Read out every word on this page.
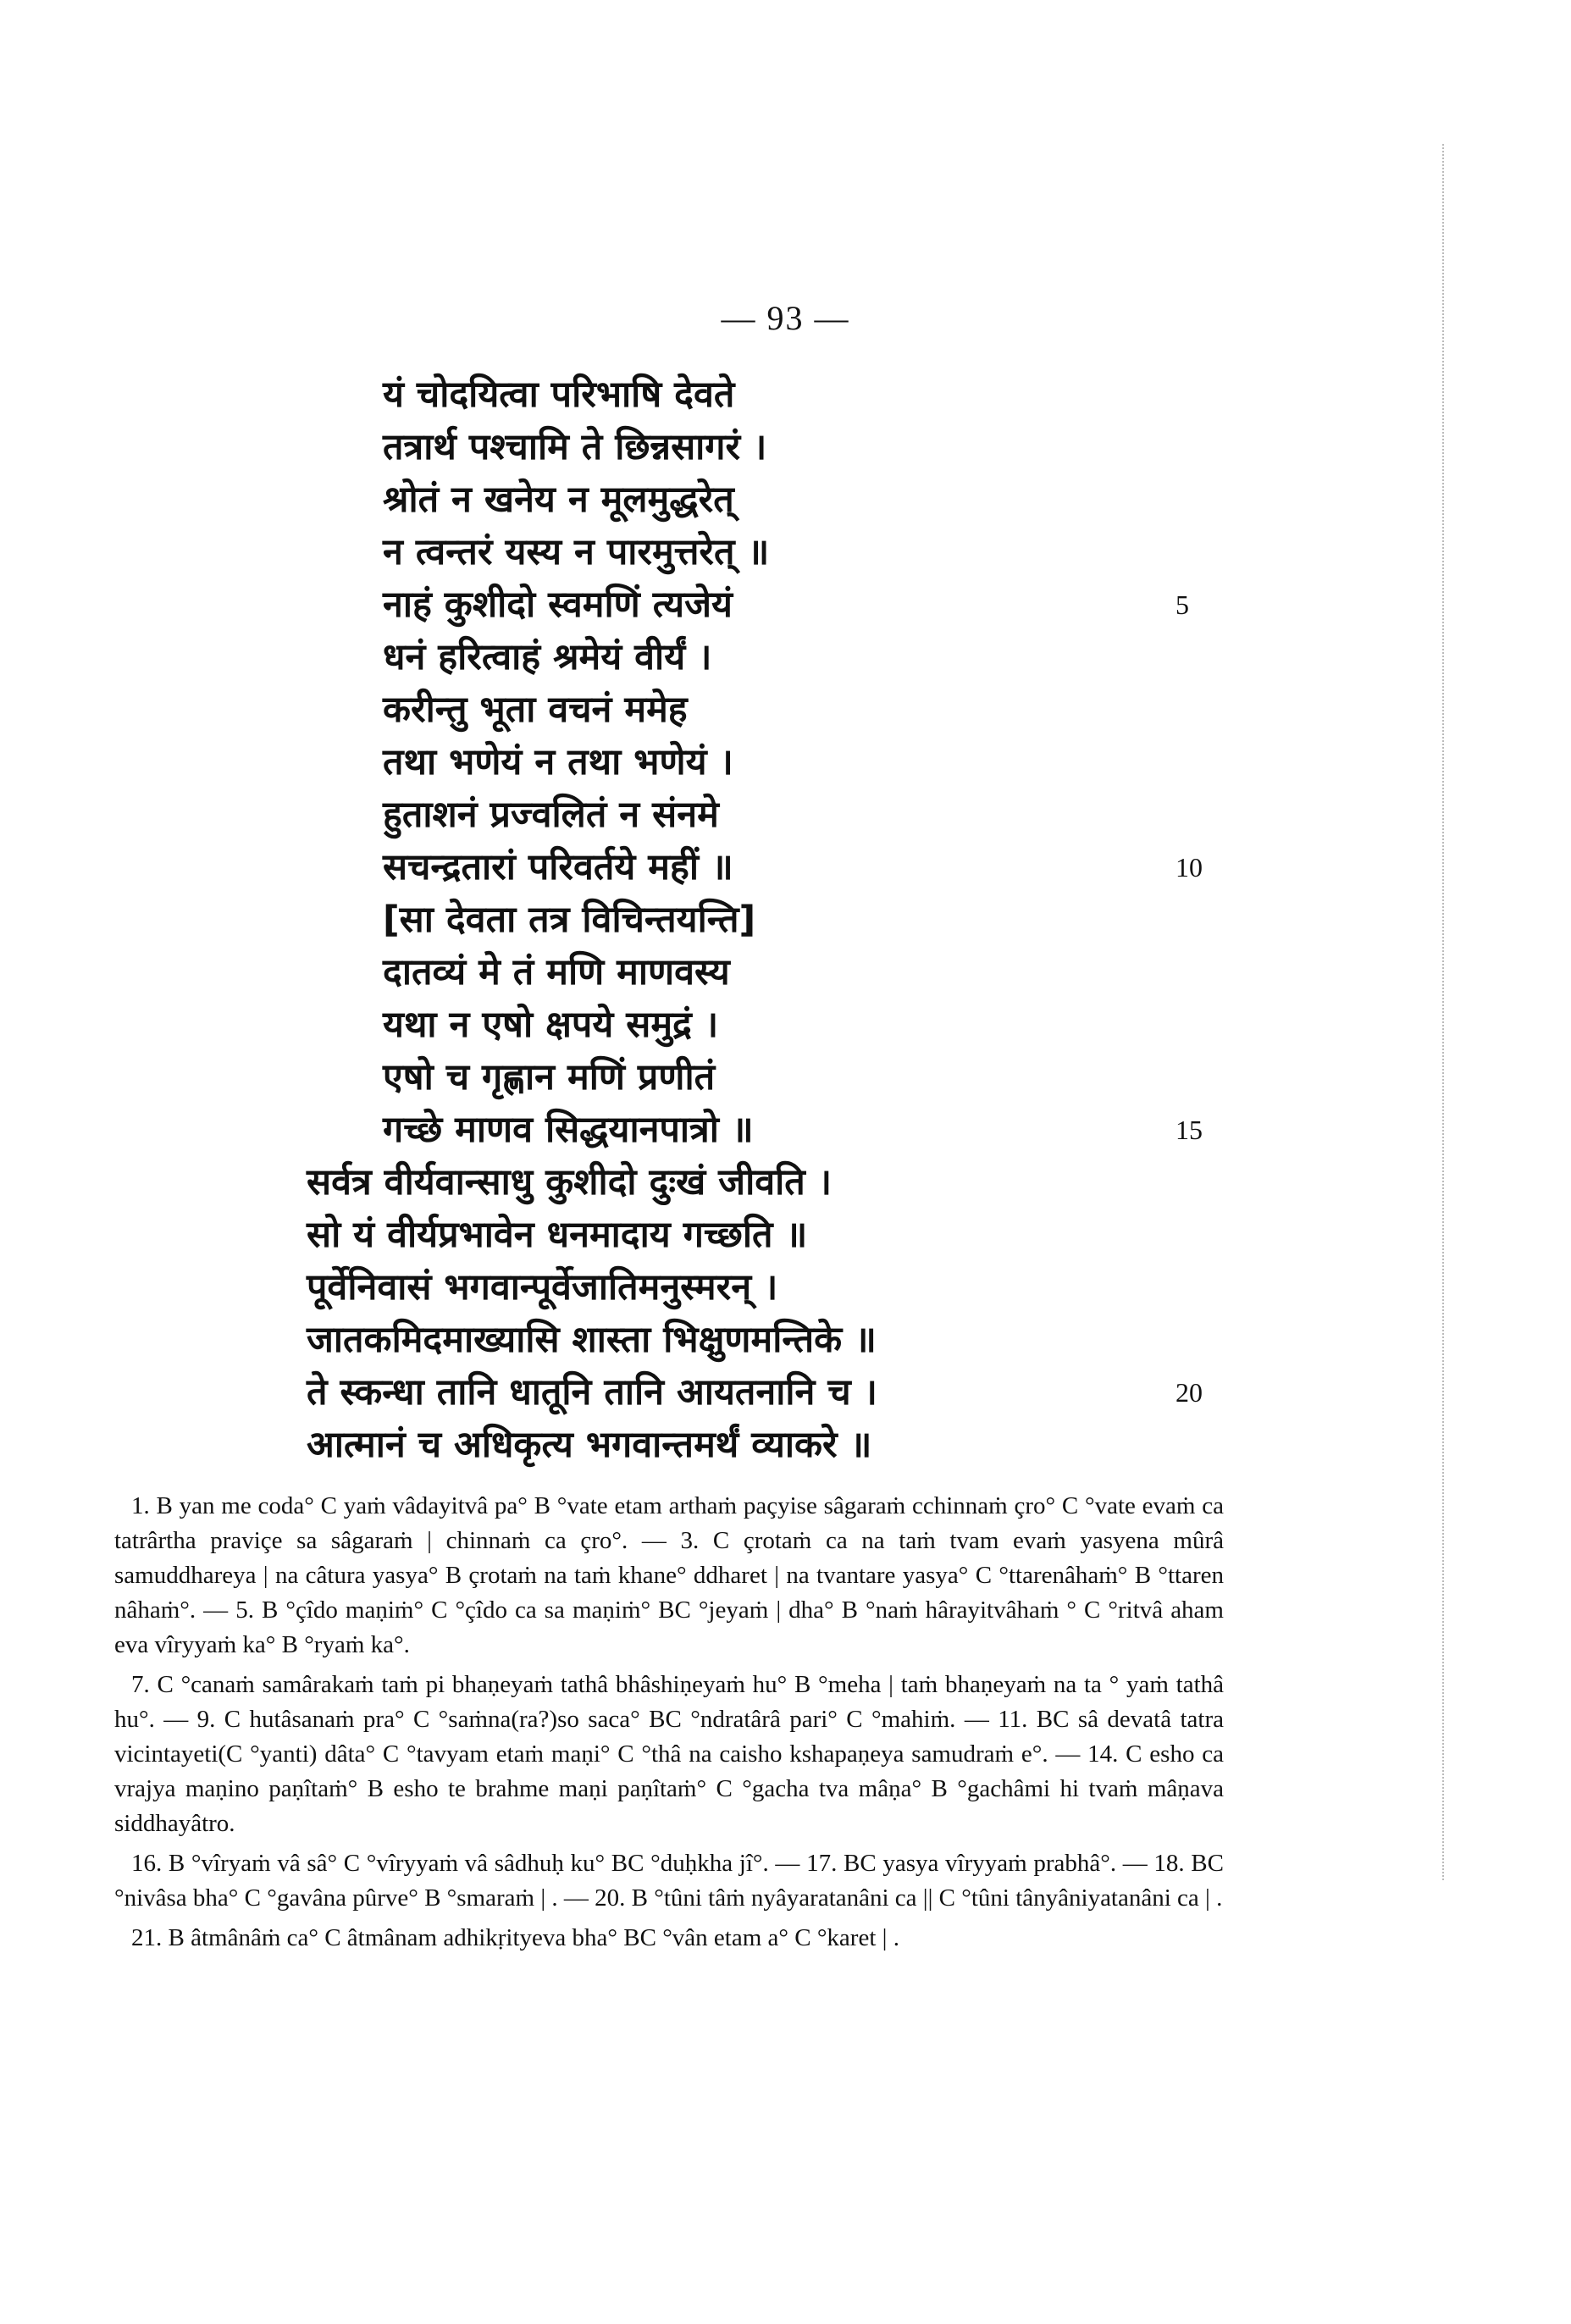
— 93 —
यं चोदयित्वा परिभाषि देवते
तत्रार्थ पश्चामि ते छिन्नसागरं ।
श्रोतं न खनेय न मूलमुद्धरेत्
न त्वन्तरं यस्य न पारमुत्तरेत् ॥
नाहं कुशीदो स्वमणिं त्यजेयं	5
धनं हरित्वाहं श्रमेयं वीर्यं ।
करीन्तु भूता वचनं ममेह
तथा भणेयं न तथा भणेयं ।
हुताशनं प्रज्वलितं न संनमे
सचन्द्रतारां परिवर्तये महीं ॥	10
[सा देवता तत्र विचिन्तयन्ति]
दातव्यं मे तं मणि माणवस्य
यथा न एषो क्षपये समुद्रं ।
एषो च गृह्णान मणिं प्रणीतं
गच्छे माणव सिद्धयानपात्रो ॥	15
सर्वत्र वीर्यवान्साधु कुशीदो दुःखं जीवति ।
सो यं वीर्यप्रभावेन धनमादाय गच्छति ॥
पूर्वेनिवासं भगवान्पूर्वेजातिमनुस्मरन् ।
जातकमिदमाख्यासि शास्ता भिक्षुणमन्तिके ॥
ते स्कन्धा तानि धातूनि तानि आयतनानि च ।	20
आत्मानं च अधिकृत्य भगवान्तमर्थं व्याकरे ॥

1. B yan me coda° C yaṁ vâdayitvâ pa° B °vate etam arthaṁ paçyise sâgaraṁ cchinnaṁ çro° C °vate evaṁ ca tatrârtha praviçe sa sâgaraṁ | chinnaṁ ca çro°. — 3. C çrotaṁ ca na taṁ tvam evaṁ yasyena mûrâ samuddhareya | na câtura yasya° B çrotaṁ na taṁ khane° ddharet | na tvantare yasya° C °ttarenâhaṁ° B °ttaren nâhaṁ°. — 5. B °çîdo maṇiṁ° C °çîdo ca sa maṇiṁ° BC °jeyaṁ | dha° B °naṁ hârayitvâhaṁ ° C °ritvâ aham eva vîryyaṁ ka° B °ryaṁ ka°.

7. C °canaṁ samârakaṁ taṁ pi bhaṇeyaṁ tathâ bhâshiṇeyaṁ hu° B °meha | taṁ bhaṇeyaṁ na ta ° yaṁ tathâ hu°. — 9. C hutâsanaṁ pra° C °saṁna(ra?)so saca° BC °ndratârâ pari° C °mahiṁ. — 11. BC sâ devatâ tatra vicintayeti(C °yanti) dâta° C °tavyam etaṁ maṇi° C °thâ na caisho kshapaṇeya samudraṁ e°. — 14. C esho ca vrajya maṇino paṇîtaṁ° B esho te brahme maṇi paṇîtaṁ° C °gacha tva mâṇa° B °gachâmi hi tvaṁ mâṇava siddhayâtro.

16. B °vîryaṁ vâ sâ° C °vîryyaṁ vâ sâdhuḥ ku° BC °duḥkha jî°. — 17. BC yasya vîryyaṁ prabhâ°. — 18. BC °nivâsa bha° C °gavâna pûrve° B °smaraṁ | . — 20. B °tûni tâṁ nyâyaratanâni ca || C °tûni tânyâniyatanâni ca | .

21. B âtmânâṁ ca° C âtmânam adhikṛityeva bha° BC °vân etam a° C °karet | .
